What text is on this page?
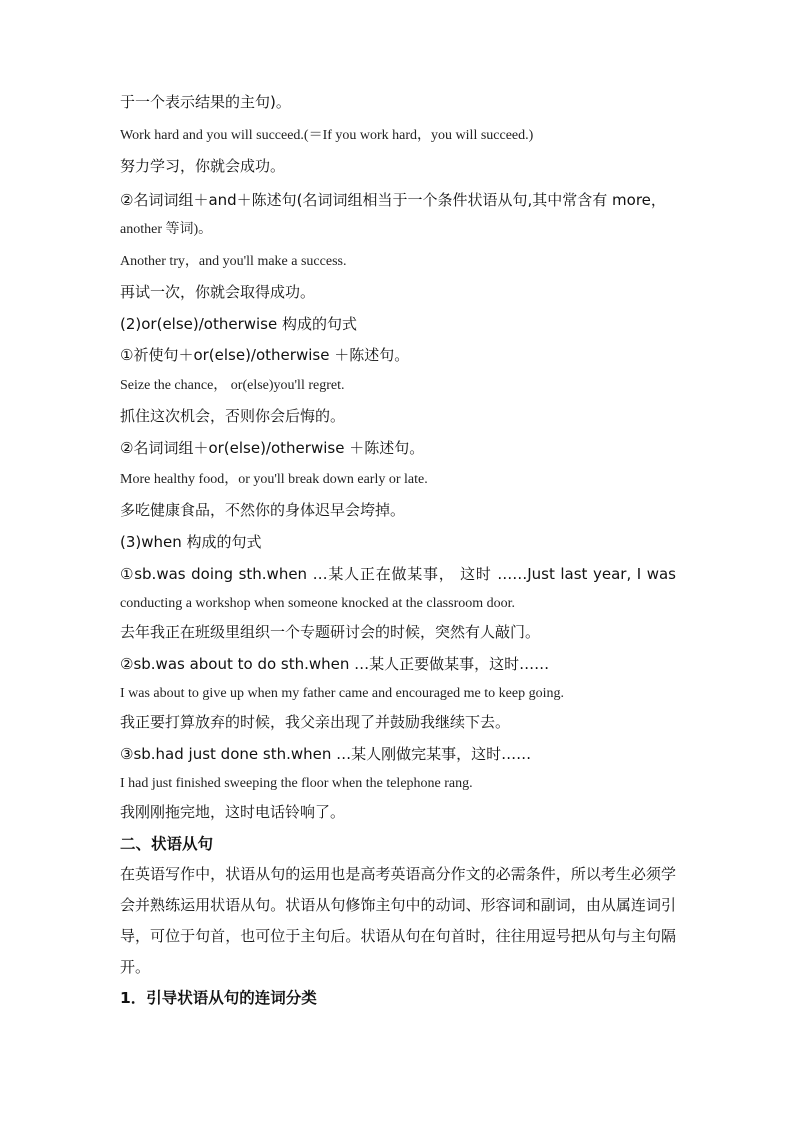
于一个表示结果的主句)。
Work hard and you will succeed.(＝If you work hard，you will succeed.)
努力学习，你就会成功。
②名词词组＋and＋陈述句(名词词组相当于一个条件状语从句,其中常含有 more，
another 等词)。
Another try，and you'll make a success.
再试一次，你就会取得成功。
(2)or(else)/otherwise 构成的句式
①祈使句＋or(else)/otherwise ＋陈述句。
Seize the chance， or(else)you'll regret.
抓住这次机会，否则你会后悔的。
②名词词组＋or(else)/otherwise ＋陈述句。
More healthy food，or you'll break down early or late.
多吃健康食品，不然你的身体迟早会垮掉。
(3)when 构成的句式
①sb.was doing sth.when …某人正在做某事， 这时 ……Just last year, I was
conducting a workshop when someone knocked at the classroom door.
去年我正在班级里组织一个专题研讨会的时候，突然有人敲门。
②sb.was about to do sth.when …某人正要做某事，这时……
I was about to give up when my father came and encouraged me to keep going.
我正要打算放弃的时候，我父亲出现了并鼓励我继续下去。
③sb.had just done sth.when …某人刚做完某事，这时……
I had just finished sweeping the floor when the telephone rang.
我刚刚拖完地，这时电话铃响了。
二、状语从句

在英语写作中，状语从句的运用也是高考英语高分作文的必需条件，所以考生必须学会并熟练运用状语从句。状语从句修饰主句中的动词、形容词和副词，由从属连词引导，可位于句首，也可位于主句后。状语从句在句首时，往往用逗号把从句与主句隔开。

1．引导状语从句的连词分类
